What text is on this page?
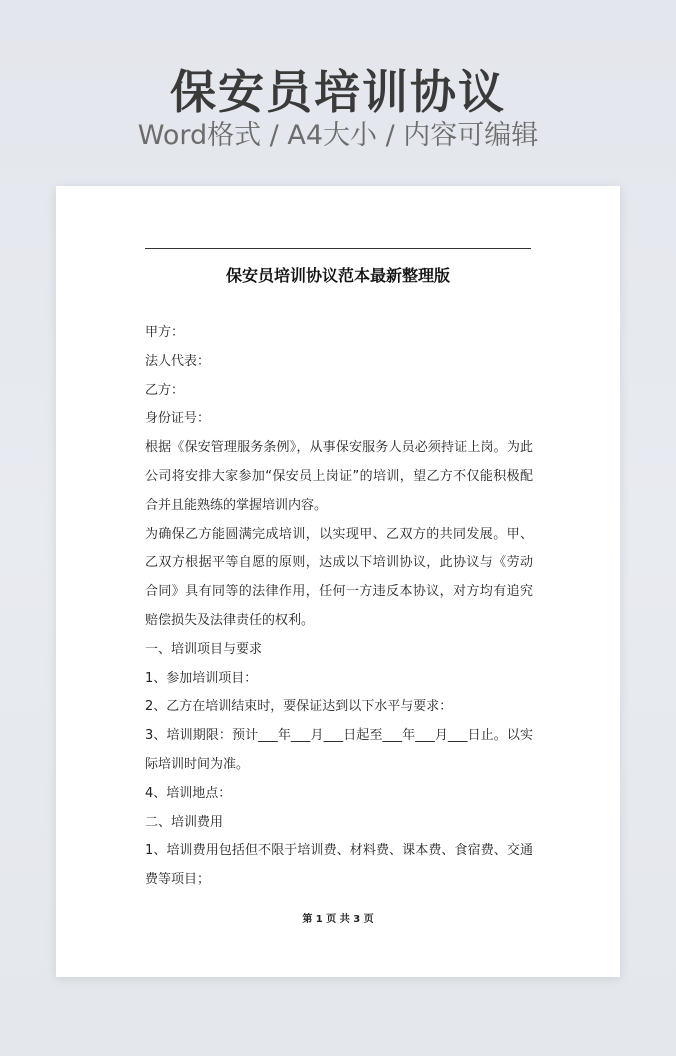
保安员培训协议
Word格式 / A4大小 / 内容可编辑
保安员培训协议范本最新整理版

甲方：

法人代表：

乙方：

身份证号：

根据《保安管理服务条例》，从事保安服务人员必须持证上岗。为此公司将安排大家参加“保安员上岗证”的培训，望乙方不仅能积极配合并且能熟练的掌握培训内容。

为确保乙方能圆满完成培训，以实现甲、乙双方的共同发展。甲、乙双方根据平等自愿的原则，达成以下培训协议，此协议与《劳动合同》具有同等的法律作用，任何一方违反本协议，对方均有追究赔偿损失及法律责任的权利。

一、培训项目与要求

1、参加培训项目：

2、乙方在培训结束时，要保证达到以下水平与要求：

3、培训期限：预计___年___月___日起至___年___月___日止。以实际培训时间为准。

4、培训地点：

二、培训费用

1、培训费用包括但不限于培训费、材料费、课本费、食宿费、交通费等项目；

第 1 页 共 3 页
